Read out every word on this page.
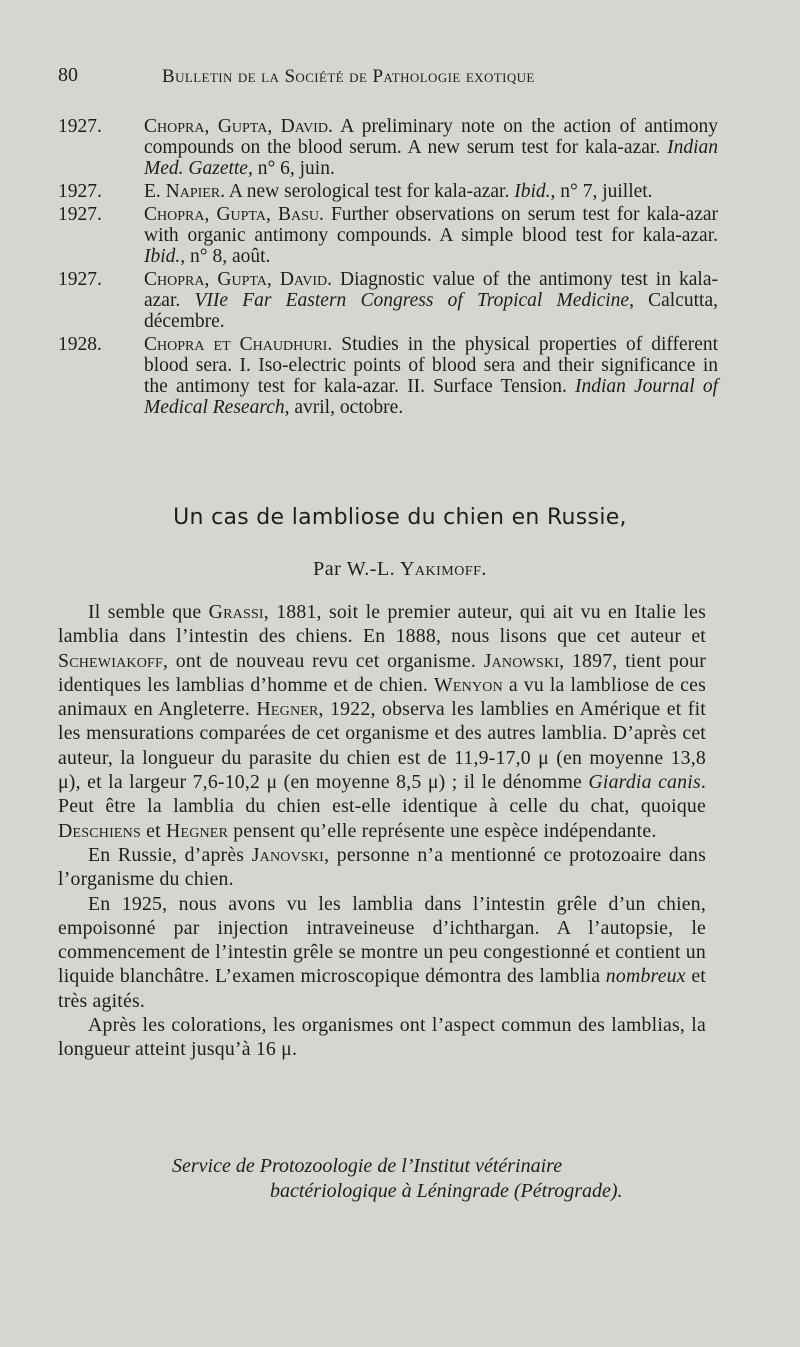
80	Bulletin de la Société de Pathologie exotique
1927. Chopra, Gupta, David. A preliminary note on the action of antimony compounds on the blood serum. A new serum test for kala-azar. Indian Med. Gazette, n° 6, juin.
1927. E. Napier. A new serological test for kala-azar. Ibid., n° 7, juillet.
1927. Chopra, Gupta, Basu. Further observations on serum test for kala-azar with organic antimony compounds. A simple blood test for kala-azar. Ibid., n° 8, août.
1927. Chopra, Gupta, David. Diagnostic value of the antimony test in kala-azar. VIIe Far Eastern Congress of Tropical Medicine, Calcutta, décembre.
1928. Chopra et Chaudhuri. Studies in the physical properties of different blood sera. I. Iso-electric points of blood sera and their significance in the antimony test for kala-azar. II. Surface Tension. Indian Journal of Medical Research, avril, octobre.
Un cas de lambliose du chien en Russie,
Par W.-L. Yakimoff.

Il semble que Grassi, 1881, soit le premier auteur, qui ait vu en Italie les lamblia dans l’intestin des chiens. En 1888, nous lisons que cet auteur et Schewiakoff, ont de nouveau revu cet organisme. Janowski, 1897, tient pour identiques les lamblias d’homme et de chien. Wenyon a vu la lambliose de ces animaux en Angleterre. Hegner, 1922, observa les lamblies en Amérique et fit les mensurations comparées de cet organisme et des autres lamblia. D’après cet auteur, la longueur du parasite du chien est de 11,9-17,0 μ (en moyenne 13,8 μ), et la largeur 7,6-10,2 μ (en moyenne 8,5 μ) ; il le dénomme Giardia canis. Peut être la lamblia du chien est-elle identique à celle du chat, quoique Deschiens et Hegner pensent qu’elle représente une espèce indépendante.

En Russie, d’après Janovski, personne n’a mentionné ce protozoaire dans l’organisme du chien.

En 1925, nous avons vu les lamblia dans l’intestin grêle d’un chien, empoisonné par injection intraveineuse d’ichthargan. A l’autopsie, le commencement de l’intestin grêle se montre un peu congestionné et contient un liquide blanchâtre. L’examen microscopique démontra des lamblia nombreux et très agités.

Après les colorations, les organismes ont l’aspect commun des lamblias, la longueur atteint jusqu’à 16 μ.

Service de Protozoologie de l’Institut vétérinaire
bactériologique à Léningrade (Pétrograde).
